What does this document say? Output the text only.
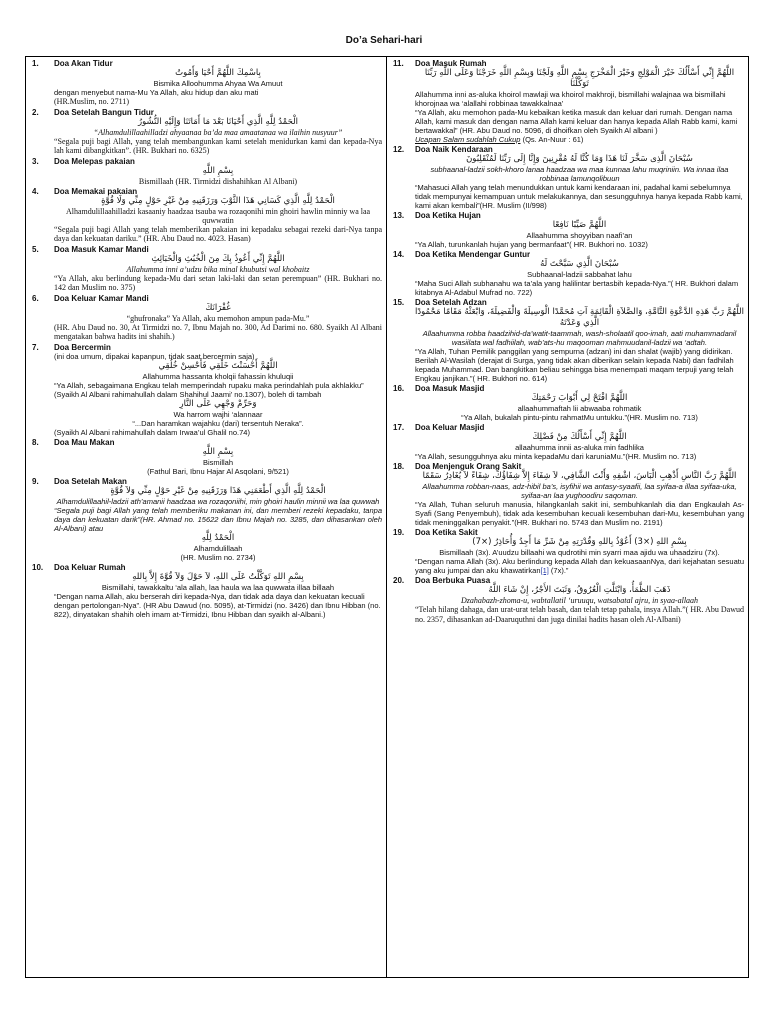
Do’a Sehari-hari
1.	Doa Akan Tidur
بِاسْمِكَ اللَّهُمَّ أَحْيَا وَأَمُوتُ
Bismika Alloohumma Ahyaa Wa Amuut
dengan menyebut nama-Mu Ya Allah, aku hidup dan aku mati
(HR.Muslim, no. 2711)
2.	Doa Setelah Bangun Tidur
الْحَمْدُ لِلَّهِ الَّذِي أَحْيَانَا بَعْدَ مَا أَمَاتَنَا وَإِلَيْهِ النُّشُورُ
“Alhamdulillaahilladzi ahyaanaa ba’da maa amaatanaa wa ilaihin nusyuur”
“Segala puji bagi Allah, yang telah membangunkan kami setelah menidurkan kami dan kepada-Nya lah kami dibangkitkan”. (HR. Bukhari no. 6325)
3.	Doa Melepas pakaian
بِسْمِ اللَّهِ
Bismillaah (HR. Tirmidzi dishahihkan Al Albani)
4.	Doa Memakai pakaian
الْحَمْدُ لِلَّهِ الَّذِي كَسَانِي هَذَا الثَّوْبَ وَرَزَقَنِيهِ مِنْ غَيْرِ حَوْلٍ مِنِّي وَلَا قُوَّةٍ
Alhamdulillaahilladzi kasaaniy haadzaa tsauba wa rozaqonihi min ghoiri hawlin minniy wa laa quwwatin
“Segala puji bagi Allah yang telah memberikan pakaian ini kepadaku sebagai rezeki dari-Nya tanpa daya dan kekuatan dariku.” (HR. Abu Daud no. 4023. Hasan)
5.	Doa Masuk Kamar Mandi
اللَّهُمَّ إِنِّي أَعُوذُ بِكَ مِنَ الْخُبُثِ وَالْخَبَائِثِ
Allahumma inni a’udzu bika minal khubutsi wal khobaitz
“Ya Allah, aku berlindung kepada-Mu dari setan laki-laki dan setan perempuan” (HR. Bukhari no. 142 dan Muslim no. 375)
6.	Doa Keluar Kamar Mandi
غُفْرَانَكَ
“ghufronaka” Ya Allah, aku memohon ampun pada-Mu.”
(HR. Abu Daud no. 30, At Tirmidzi no. 7, Ibnu Majah no. 300, Ad Darimi no. 680. Syaikh Al Albani mengatakan bahwa hadits ini shahih.)
7.	Doa Bercermin
(ini doa umum, dipakai kapanpun, tidak saat bercermin saja)
اللَّهُمَّ أَحْسَنْتَ خَلْقِي فَأَحْسِنْ خُلُقِي
Allahumma hassanta kholqii fahassin khuluqii
“Ya Allah, sebagaimana Engkau telah memperindah rupaku maka perindahlah pula akhlakku”
(Syaikh Al Albani rahimahullah dalam Shahihul Jaami’ no.1307), boleh di tambah
وَحَرِّمْ وَجْهِي عَلَى النَّارِ
Wa harrom wajhi ‘alannaar
“...Dan haramkan wajahku (dari) tersentuh Neraka”.
(Syaikh Al Albani rahimahullah dalam Irwaa’ul Ghalil no.74)
8.	Doa Mau Makan
بِسْمِ اللَّهِ
Bismillah
(Fathul Bari, Ibnu Hajar Al Asqolani, 9/521)
9.	Doa Setelah Makan
الْحَمْدُ لِلَّهِ الَّذِي أَطْعَمَنِي هَذَا وَرَزَقَنِيهِ مِنْ غَيْرِ حَوْلٍ مِنِّي وَلاَ قُوَّةٍ
Alhamdulillaahil-ladzii ath’amanii haadzaa wa rozaqoniihi, min ghoiri haulin minnii wa laa quwwah
“Segala puji bagi Allah yang telah memberiku makanan ini, dan memberi rezeki kepadaku, tanpa daya dan kekuatan darik”(HR. Ahmad no. 15622 dan Ibnu Majah no. 3285, dan dihasankan oleh Al-Albani) atau
الْحَمْدُ لِلَّهِ
Alhamdulillaah
(HR. Muslim no. 2734)
10.	Doa Keluar Rumah
بِسْمِ اللهِ تَوَكَّلْتُ عَلَى اللهِ، لاَ حَوْلَ وَلاَ قُوَّةَ إِلاَّ بِاللهِ
Bismillahi, tawakkaltu ‘ala allah, laa haula wa laa quwwata illaa billaah
“Dengan nama Allah, aku berserah diri kepada-Nya, dan tidak ada daya dan kekuatan kecuali dengan pertolongan-Nya”. (HR Abu Dawud (no. 5095), at-Tirmidzi (no. 3426) dan Ibnu Hibban (no. 822), dinyatakan shahih oleh imam at-Tirmidzi, Ibnu Hibban dan syaikh al-Albani.)
11.	Doa Masuk Rumah
اللَّهُمَّ إِنِّي أَسْأَلُكَ خَيْرَ الْمَوْلِجِ وَخَيْرَ الْمَخْرَجِ بِسْمِ اللَّهِ وَلَجْنَا وَبِسْمِ اللَّهِ خَرَجْنَا وَعَلَى اللَّهِ رَبِّنَا تَوَكَّلْنَا
Allahumma inni as-aluka khoirol mawlaji wa khoirol makhroji, bismillahi walajnaa wa bismillahi khorojnaa wa ‘alallahi robbinaa tawakkalnaa’
“Ya Allah, aku memohon pada-Mu kebaikan ketika masuk dan keluar dari rumah. Dengan nama Allah, kami masuk dan dengan nama Allah kami keluar dan hanya kepada Allah Rabb kami, kami bertawakkal” (HR. Abu Daud no. 5096, di dhoifkan oleh Syaikh Al albani )
Ucapan Salam sudahlah Cukup (Qs. An-Nuur : 61)
12.	Doa Naik Kendaraan
سُبْحَانَ الَّذِى سَخَّرَ لَنَا هَذَا وَمَا كُنَّا لَهُ مُقْرِنِينَ وَإِنَّا إِلَى رَبِّنَا لَمُنْقَلِبُونَ
subhaanal-ladzii sokh-khoro lanaa haadzaa wa maa kunnaa lahu muqriniin. Wa innaa ilaa robbinaa lamunqolibuun
“Mahasuci Allah yang telah menundukkan untuk kami kendaraan ini, padahal kami sebelumnya tidak mempunyai kemampuan untuk melakukannya, dan sesungguhnya hanya kepada Rabb kami, kami akan kembali”(HR. Muslim (II/998)
13.	Doa Ketika Hujan
اللَّهُمَّ صَيِّبًا نَافِعًا
Allaahumma shoyyiban naafi’an
“Ya Allah, turunkanlah hujan yang bermanfaat”( HR. Bukhori no. 1032)
14.	Doa Ketika Mendengar Guntur
سُبْحَانَ الَّذِي سَبَّحْتَ لَهُ
Subhaanal-ladzii sabbahat lahu
“Maha Suci Allah subhanahu wa ta’ala yang halilintar bertasbih kepada-Nya.”( HR. Bukhori dalam kitabnya Al-Adabul Mufrad no. 722)
15.	Doa Setelah Adzan
اللَّهُمَّ رَبَّ هَذِهِ الدَّعْوَةِ التَّامَّةِ، وَالصَّلاَةِ الْقَائِمَةِ آتِ مُحَمَّدًا الْوَسِيلَةَ وَالْفَضِيلَةَ، وَابْعَثْهُ مَقَامًا مَحْمُودًا الَّذِي وَعَدْتَهُ
Allaahumma robba haadzihid-da’watit-taammah, wash-sholaatil qoo-imah, aati muhammadanil wasiilata wal fadhiilah, wab’ats-hu maqooman mahmuudanil-ladzii wa ‘adtah.
“Ya Allah, Tuhan Pemilik panggilan yang sempurna (adzan) ini dan shalat (wajib) yang didirikan. Berilah Al-Wasilah (derajat di Surga, yang tidak akan diberikan selain kepada Nabi) dan fadhilah kepada Muhammad. Dan bangkitkan beliau sehingga bisa menempati maqam terpuji yang telah Engkau janjikan.”( HR. Bukhori no. 614)
16.	Doa Masuk Masjid
اللَّهُمَّ افْتَحْ لِي أَبْوَابَ رَحْمَتِكَ
allaahummaftah lii abwaaba rohmatik
“Ya Allah, bukalah pintu-pintu rahmatMu untukku.”(HR. Muslim no. 713)
17.	Doa Keluar Masjid
اللَّهُمَّ إِنِّي أَسْأَلُكَ مِنْ فَضْلِكَ
allaahumma innii as-aluka min fadhlika
“Ya Allah, sesungguhnya aku minta kepadaMu dari karuniaMu.”(HR. Muslim no. 713)
18.	Doa Menjenguk Orang Sakit
اللَّهُمَّ رَبَّ النَّاسِ أَذْهِبِ الْبَاسَ، اشْفِهِ وَأَنْتَ الشَّافِي، لاَ شِفَاءَ إِلاَّ شِفَاؤُكَ، شِفَاءً لاَ يُغَادِرُ سَقَمًا
Allaahumma robban-naas, adz-hibil ba’s, isyfihii wa antasy-syaafii, laa syifaa-a illaa syifaa-uka, syifaa-an laa yughoodiru saqoman.
“Ya Allah, Tuhan seluruh manusia, hilangkanlah sakit ini, sembuhkanlah dia dan Engkaulah As-Syafi (Sang Penyembuh), tidak ada kesembuhan kecuali kesembuhan dari-Mu, kesembuhan yang tidak meninggalkan penyakit.”(HR. Bukhari no. 5743 dan Muslim no. 2191)
19.	Doa Ketika Sakit
بِسْمِ اللهِ (×3) أَعُوْذُ بِاللهِ وَقُدْرَتِهِ مِنْ شَرِّ مَا أَجِدُ وَأُحَاذِرُ (×7)
Bismillaah (3x). A’uudzu billaahi wa qudrotihi min syarri maa ajidu wa uhaadziru (7x).
“Dengan nama Allah (3x). Aku berlindung kepada Allah dan kekuasaanNya, dari kejahatan sesuatu yang aku jumpai dan aku khawatirkan[1] (7x).”
20.	Doa Berbuka Puasa
ذَهَبَ الظَّمَأُ، وَابْتَلَّتِ الْعُرُوقُ، وَثَبَتَ الأَجْرُ، إِنْ شَاءَ اللَّهُ
Dzahabazh-zhoma-u, wabtallatil ‘uruuqu, watsabatal ajru, in syaa-allaah
“Telah hilang dahaga, dan urat-urat telah basah, dan telah tetap pahala, insya Allah.”( HR. Abu Dawud no. 2357, dihasankan ad-Daaruquthni dan juga dinilai hadits hasan oleh Al-Albani)
